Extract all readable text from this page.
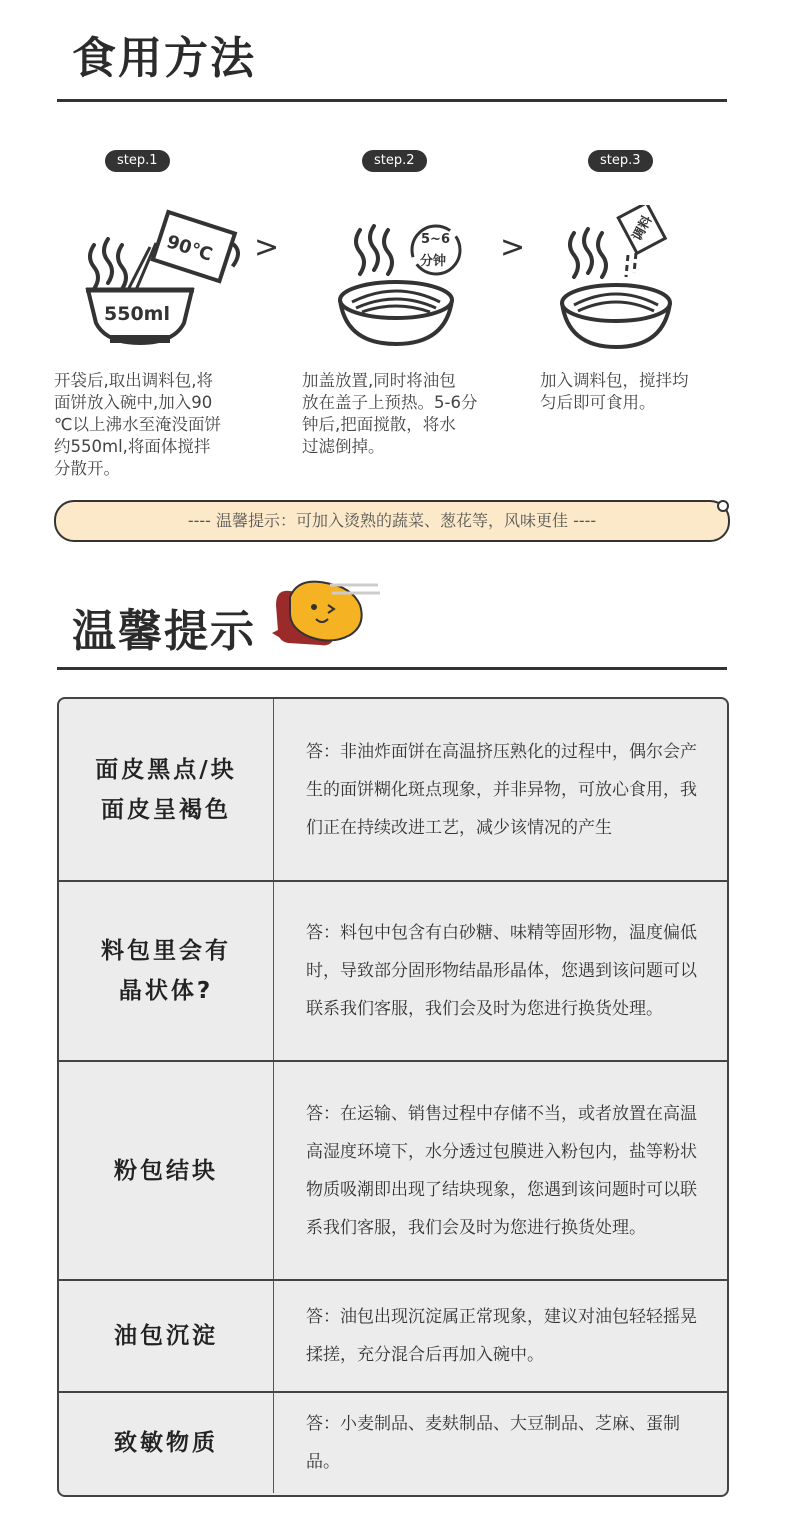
食用方法
step.1	step.2	step.3
90℃
550ml
>	5~6
分钟 >
调料
开袋后,取出调料包,将
面饼放入碗中,加入90
℃以上沸水至淹没面饼
约550ml,将面体搅拌
分散开。
加盖放置,同时将油包
放在盖子上预热。5-6分
钟后,把面搅散，将水
过滤倒掉。
加入调料包，搅拌均
匀后即可食用。
---- 温馨提示：可加入烫熟的蔬菜、葱花等，风味更佳 ----
温馨提示
面皮黑点/块
面皮呈褐色
答：非油炸面饼在高温挤压熟化的过程中，偶尔会产生的面饼糊化斑点现象，并非异物，可放心食用，我们正在持续改进工艺，减少该情况的产生
料包里会有
晶状体?
答：料包中包含有白砂糖、味精等固形物，温度偏低时，导致部分固形物结晶形晶体，您遇到该问题可以联系我们客服，我们会及时为您进行换货处理。
粉包结块
答：在运输、销售过程中存储不当，或者放置在高温高湿度环境下，水分透过包膜进入粉包内，盐等粉状物质吸潮即出现了结块现象，您遇到该问题时可以联系我们客服，我们会及时为您进行换货处理。
油包沉淀
答：油包出现沉淀属正常现象，建议对油包轻轻摇晃揉搓，充分混合后再加入碗中。
致敏物质
答：小麦制品、麦麸制品、大豆制品、芝麻、蛋制品。
